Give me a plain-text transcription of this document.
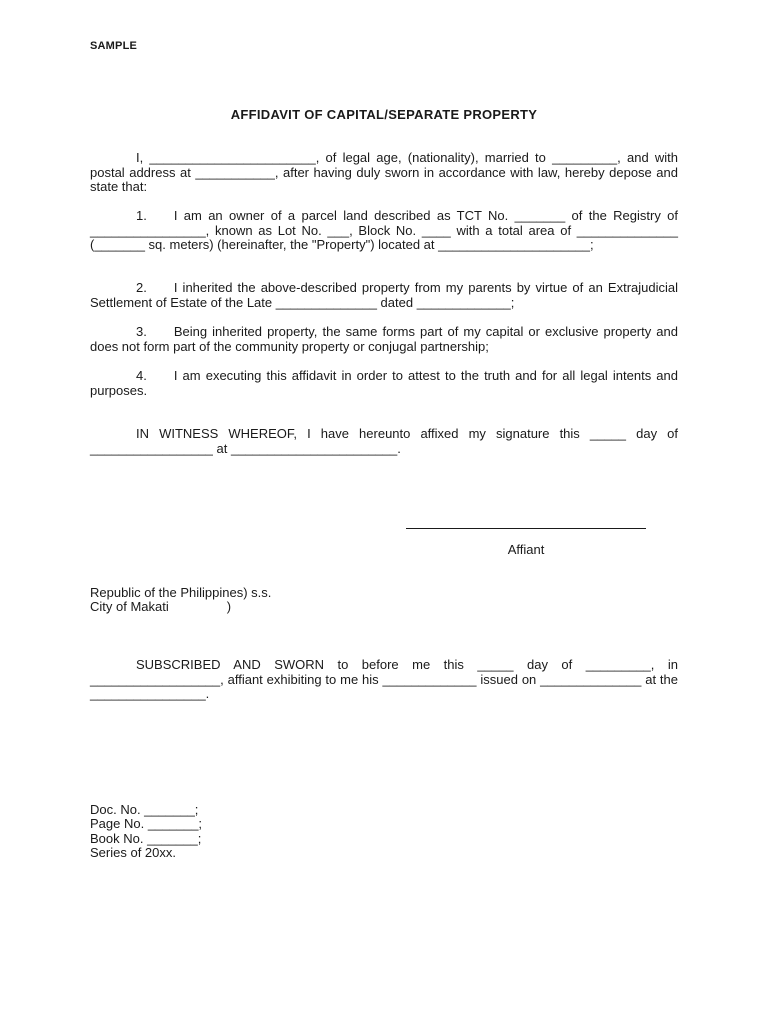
SAMPLE

AFFIDAVIT OF CAPITAL/SEPARATE PROPERTY

I, _______________________, of legal age, (nationality), married to _________, and with postal address at ___________, after having duly sworn in accordance with law, hereby depose and state that:

1. I am an owner of a parcel land described as TCT No. _______ of the Registry of ________________, known as Lot No. ___, Block No. ____ with a total area of ______________ (_______ sq. meters) (hereinafter, the "Property") located at _____________________;

2. I inherited the above-described property from my parents by virtue of an Extrajudicial Settlement of Estate of the Late ______________ dated _____________;

3. Being inherited property, the same forms part of my capital or exclusive property and does not form part of the community property or conjugal partnership;

4. I am executing this affidavit in order to attest to the truth and for all legal intents and purposes.

IN WITNESS WHEREOF, I have hereunto affixed my signature this _____ day of _________________ at _______________________.

Affiant

Republic of the Philippines) s.s.

City of Makati	)

SUBSCRIBED AND SWORN to before me this _____ day of _________, in __________________, affiant exhibiting to me his _____________ issued on ______________ at the ________________.

Doc. No. _______;

Page No. _______;

Book No. _______;

Series of 20xx.
